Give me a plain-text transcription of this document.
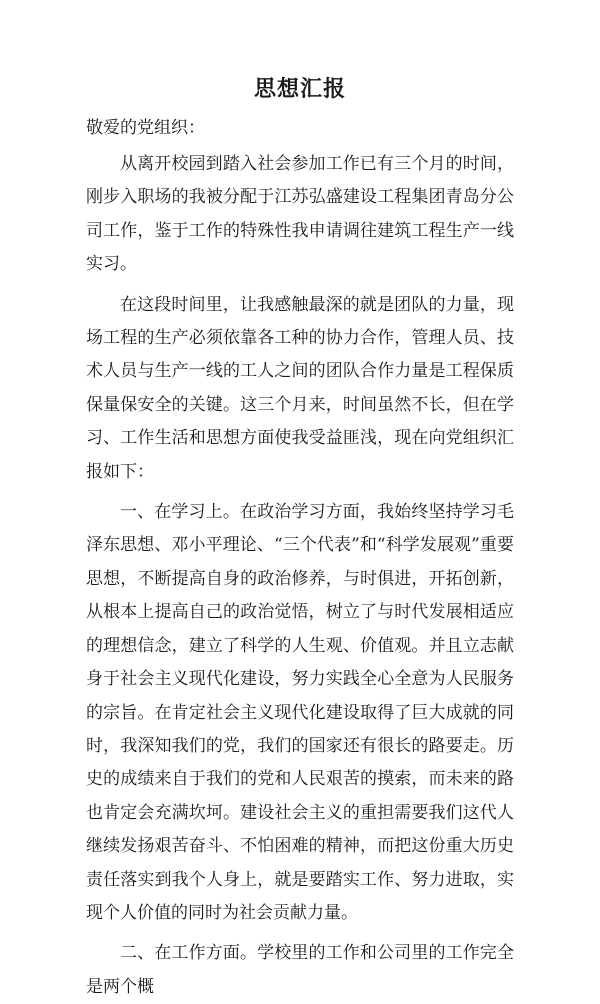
思想汇报

敬爱的党组织：

从离开校园到踏入社会参加工作已有三个月的时间，刚步入职场的我被分配于江苏弘盛建设工程集团青岛分公司工作，鉴于工作的特殊性我申请调往建筑工程生产一线实习。

在这段时间里，让我感触最深的就是团队的力量，现场工程的生产必须依靠各工种的协力合作，管理人员、技术人员与生产一线的工人之间的团队合作力量是工程保质保量保安全的关键。这三个月来，时间虽然不长，但在学习、工作生活和思想方面使我受益匪浅，现在向党组织汇报如下：

一、在学习上。在政治学习方面，我始终坚持学习毛泽东思想、邓小平理论、“三个代表”和“科学发展观”重要思想，不断提高自身的政治修养，与时俱进，开拓创新，从根本上提高自己的政治觉悟，树立了与时代发展相适应的理想信念，建立了科学的人生观、价值观。并且立志献身于社会主义现代化建设，努力实践全心全意为人民服务的宗旨。在肯定社会主义现代化建设取得了巨大成就的同时，我深知我们的党，我们的国家还有很长的路要走。历史的成绩来自于我们的党和人民艰苦的摸索，而未来的路也肯定会充满坎坷。建设社会主义的重担需要我们这代人继续发扬艰苦奋斗、不怕困难的精神，而把这份重大历史责任落实到我个人身上，就是要踏实工作、努力进取，实现个人价值的同时为社会贡献力量。

二、在工作方面。学校里的工作和公司里的工作完全是两个概
